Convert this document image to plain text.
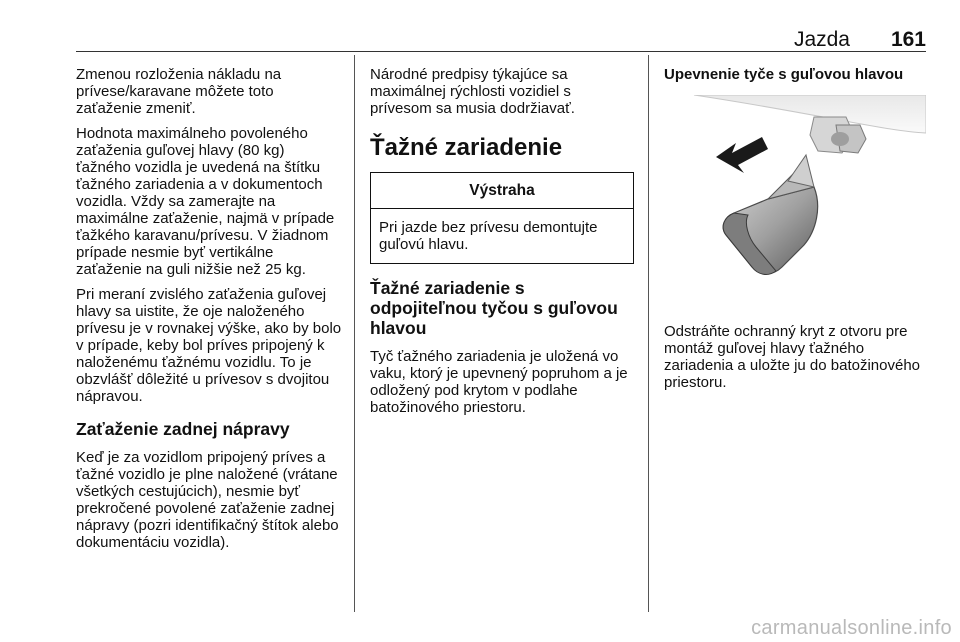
Jazda 161

Zmenou rozloženia nákladu na prívese/karavane môžete toto zaťaženie zmeniť.

Hodnota maximálneho povoleného zaťaženia guľovej hlavy (80 kg) ťažného vozidla je uvedená na štítku ťažného zariadenia a v dokumentoch vozidla. Vždy sa zamerajte na maximálne zaťaženie, najmä v prípade ťažkého karavanu/prívesu. V žiadnom prípade nesmie byť vertikálne zaťaženie na guli nižšie než 25 kg.

Pri meraní zvislého zaťaženia guľovej hlavy sa uistite, že oje naloženého prívesu je v rovnakej výške, ako by bolo v prípade, keby bol príves pripojený k naloženému ťažnému vozidlu. To je obzvlášť dôležité u prívesov s dvojitou nápravou.

Zaťaženie zadnej nápravy

Keď je za vozidlom pripojený príves a ťažné vozidlo je plne naložené (vrátane všetkých cestujúcich), nesmie byť prekročené povolené zaťaženie zadnej nápravy (pozri identifikačný štítok alebo dokumentáciu vozidla).

Národné predpisy týkajúce sa maximálnej rýchlosti vozidiel s prívesom sa musia dodržiavať.

Ťažné zariadenie
Výstraha
Pri jazde bez prívesu demontujte guľovú hlavu.
Ťažné zariadenie s odpojiteľnou tyčou s guľovou hlavou

Tyč ťažného zariadenia je uložená vo vaku, ktorý je upevnený popruhom a je odložený pod krytom v podlahe batožinového priestoru.

Upevnenie tyče s guľovou hlavou

Odstráňte ochranný kryt z otvoru pre montáž guľovej hlavy ťažného zariadenia a uložte ju do batožinového priestoru.

carmanualsonline.info
